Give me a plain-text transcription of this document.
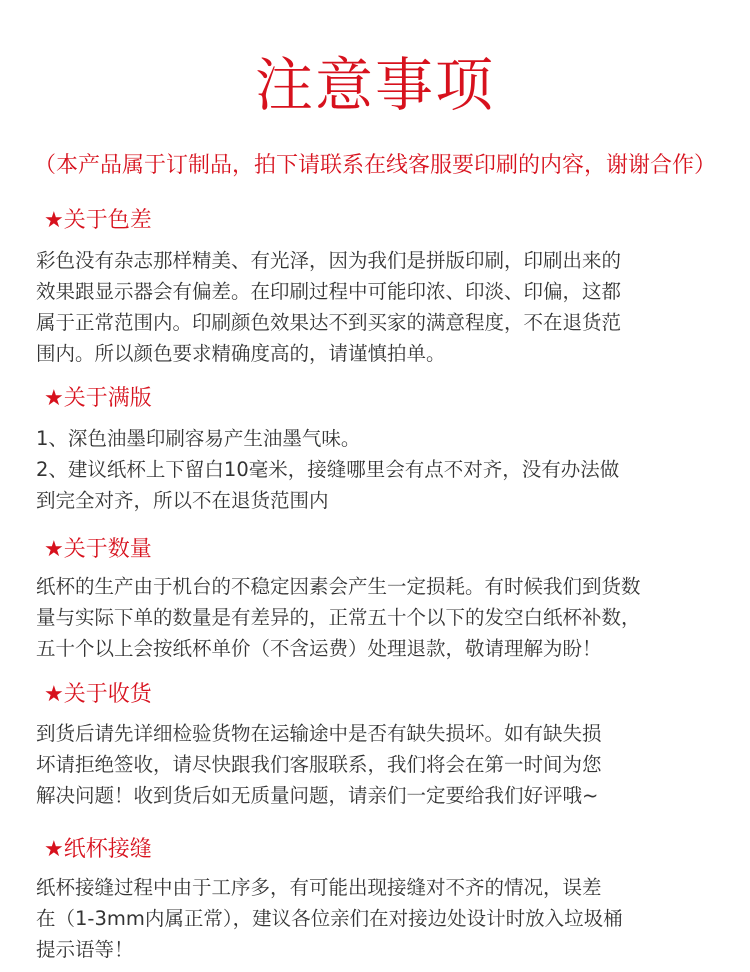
注意事项
（本产品属于订制品，拍下请联系在线客服要印刷的内容，谢谢合作）
★关于色差
彩色没有杂志那样精美、有光泽，因为我们是拼版印刷，印刷出来的
效果跟显示器会有偏差。在印刷过程中可能印浓、印淡、印偏，这都
属于正常范围内。印刷颜色效果达不到买家的满意程度，不在退货范
围内。所以颜色要求精确度高的，请谨慎拍单。
★关于满版
1、深色油墨印刷容易产生油墨气味。
2、建议纸杯上下留白10毫米，接缝哪里会有点不对齐，没有办法做
到完全对齐，所以不在退货范围内
★关于数量
纸杯的生产由于机台的不稳定因素会产生一定损耗。有时候我们到货数
量与实际下单的数量是有差异的，正常五十个以下的发空白纸杯补数，
五十个以上会按纸杯单价（不含运费）处理退款，敬请理解为盼！
★关于收货
到货后请先详细检验货物在运输途中是否有缺失损坏。如有缺失损
坏请拒绝签收，请尽快跟我们客服联系，我们将会在第一时间为您
解决问题！收到货后如无质量问题，请亲们一定要给我们好评哦~
★纸杯接缝
纸杯接缝过程中由于工序多，有可能出现接缝对不齐的情况，误差
在（1-3mm内属正常），建议各位亲们在对接边处设计时放入垃圾桶
提示语等！
